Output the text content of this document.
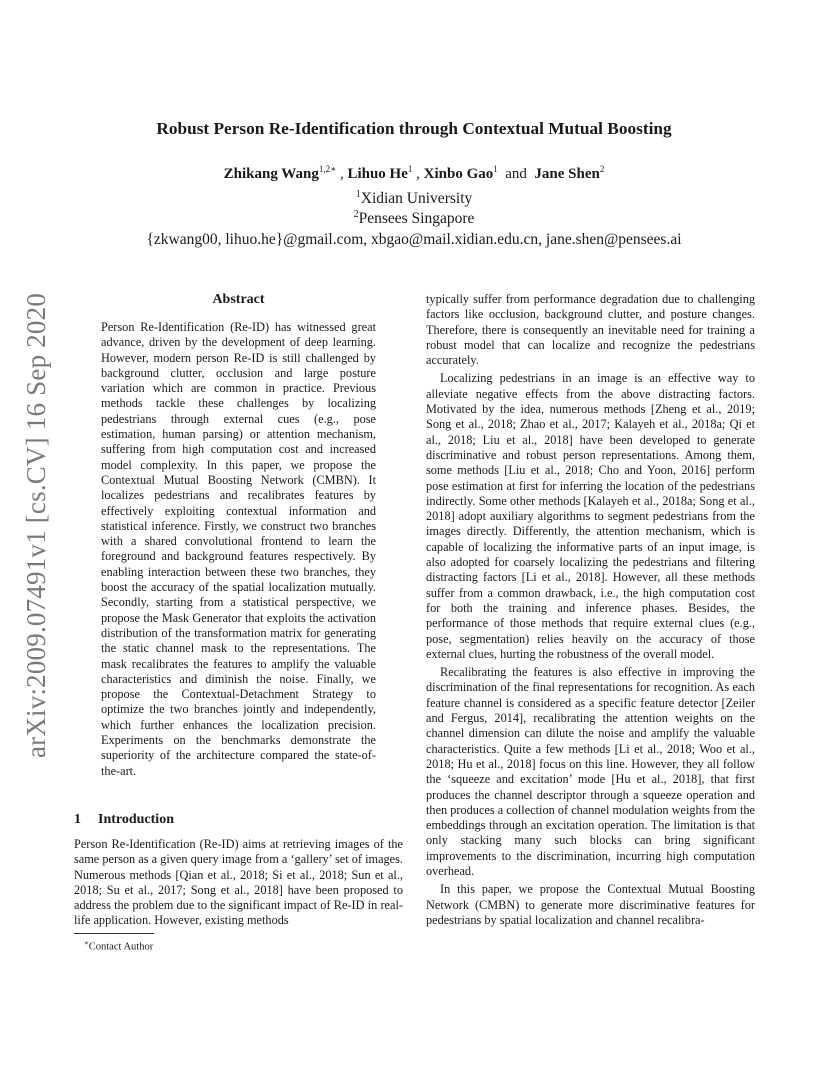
arXiv:2009.07491v1 [cs.CV] 16 Sep 2020
Robust Person Re-Identification through Contextual Mutual Boosting
Zhikang Wang$^{1,2∗}$ , Lihuo He$^1$ , Xinbo Gao$^1$  and  Jane Shen$^2$
$^1$Xidian University
$^2$Pensees Singapore
{zkwang00, lihuo.he}@gmail.com, xbgao@mail.xidian.edu.cn, jane.shen@pensees.ai
Abstract

Person Re-Identification (Re-ID) has witnessed great advance, driven by the development of deep learning. However, modern person Re-ID is still challenged by background clutter, occlusion and large posture variation which are common in practice. Previous methods tackle these challenges by localizing pedestrians through external cues (e.g., pose estimation, human parsing) or attention mechanism, suffering from high computation cost and increased model complexity. In this paper, we propose the Contextual Mutual Boosting Network (CMBN). It localizes pedestrians and recalibrates features by effectively exploiting contextual information and statistical inference. Firstly, we construct two branches with a shared convolutional frontend to learn the foreground and background features respectively. By enabling interaction between these two branches, they boost the accuracy of the spatial localization mutually. Secondly, starting from a statistical perspective, we propose the Mask Generator that exploits the activation distribution of the transformation matrix for generating the static channel mask to the representations. The mask recalibrates the features to amplify the valuable characteristics and diminish the noise. Finally, we propose the Contextual-Detachment Strategy to optimize the two branches jointly and independently, which further enhances the localization precision. Experiments on the benchmarks demonstrate the superiority of the architecture compared the state-of-the-art.

1 Introduction

Person Re-Identification (Re-ID) aims at retrieving images of the same person as a given query image from a ‘gallery’ set of images. Numerous methods [Qian et al., 2018; Si et al., 2018; Sun et al., 2018; Su et al., 2017; Song et al., 2018] have been proposed to address the problem due to the significant impact of Re-ID in real-life application. However, existing methods

typically suffer from performance degradation due to challenging factors like occlusion, background clutter, and posture changes. Therefore, there is consequently an inevitable need for training a robust model that can localize and recognize the pedestrians accurately.

Localizing pedestrians in an image is an effective way to alleviate negative effects from the above distracting factors. Motivated by the idea, numerous methods [Zheng et al., 2019; Song et al., 2018; Zhao et al., 2017; Kalayeh et al., 2018a; Qi et al., 2018; Liu et al., 2018] have been developed to generate discriminative and robust person representations. Among them, some methods [Liu et al., 2018; Cho and Yoon, 2016] perform pose estimation at first for inferring the location of the pedestrians indirectly. Some other methods [Kalayeh et al., 2018a; Song et al., 2018] adopt auxiliary algorithms to segment pedestrians from the images directly. Differently, the attention mechanism, which is capable of localizing the informative parts of an input image, is also adopted for coarsely localizing the pedestrians and filtering distracting factors [Li et al., 2018]. However, all these methods suffer from a common drawback, i.e., the high computation cost for both the training and inference phases. Besides, the performance of those methods that require external clues (e.g., pose, segmentation) relies heavily on the accuracy of those external clues, hurting the robustness of the overall model.

Recalibrating the features is also effective in improving the discrimination of the final representations for recognition. As each feature channel is considered as a specific feature detector [Zeiler and Fergus, 2014], recalibrating the attention weights on the channel dimension can dilute the noise and amplify the valuable characteristics. Quite a few methods [Li et al., 2018; Woo et al., 2018; Hu et al., 2018] focus on this line. However, they all follow the ‘squeeze and excitation’ mode [Hu et al., 2018], that first produces the channel descriptor through a squeeze operation and then produces a collection of channel modulation weights from the embeddings through an excitation operation. The limitation is that only stacking many such blocks can bring significant improvements to the discrimination, incurring high computation overhead.

In this paper, we propose the Contextual Mutual Boosting Network (CMBN) to generate more discriminative features for pedestrians by spatial localization and channel recalibra-

∗Contact Author
